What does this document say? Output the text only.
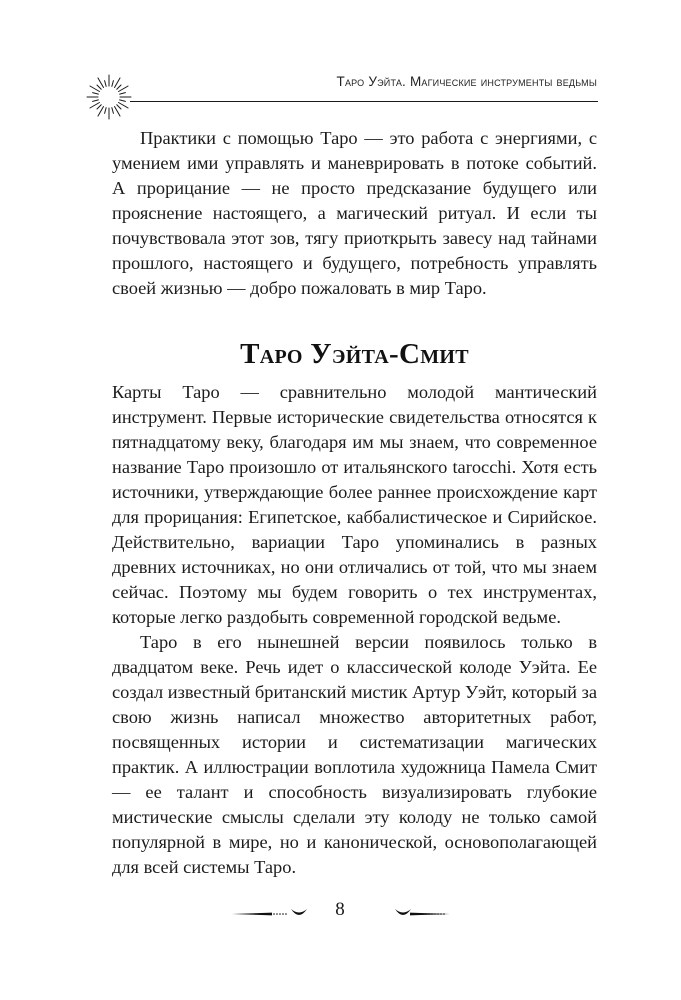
Таро Уэйта. Магические инструменты ведьмы

Практики с помощью Таро — это работа с энергиями, с умением ими управлять и маневрировать в потоке событий. А прорицание — не просто предсказание будущего или прояснение настоящего, а магический ритуал. И если ты почувствовала этот зов, тягу приоткрыть завесу над тайнами прошлого, настоящего и будущего, потребность управлять своей жизнью — добро пожаловать в мир Таро.

Таро Уэйта-Смит

Карты Таро — сравнительно молодой мантический инструмент. Первые исторические свидетельства относятся к пятнадцатому веку, благодаря им мы знаем, что современное название Таро произошло от итальянского tarocchi. Хотя есть источники, утверждающие более раннее происхождение карт для прорицания: Египетское, каббалистическое и Сирийское. Действительно, вариации Таро упоминались в разных древних источниках, но они отличались от той, что мы знаем сейчас. Поэтому мы будем говорить о тех инструментах, которые легко раздобыть современной городской ведьме.

Таро в его нынешней версии появилось только в двадцатом веке. Речь идет о классической колоде Уэйта. Ее создал известный британский мистик Артур Уэйт, который за свою жизнь написал множество авторитетных работ, посвященных истории и систематизации магических практик. А иллюстрации воплотила художница Памела Смит — ее талант и способность визуализировать глубокие мистические смыслы сделали эту колоду не только самой популярной в мире, но и канонической, основополагающей для всей системы Таро.

8
